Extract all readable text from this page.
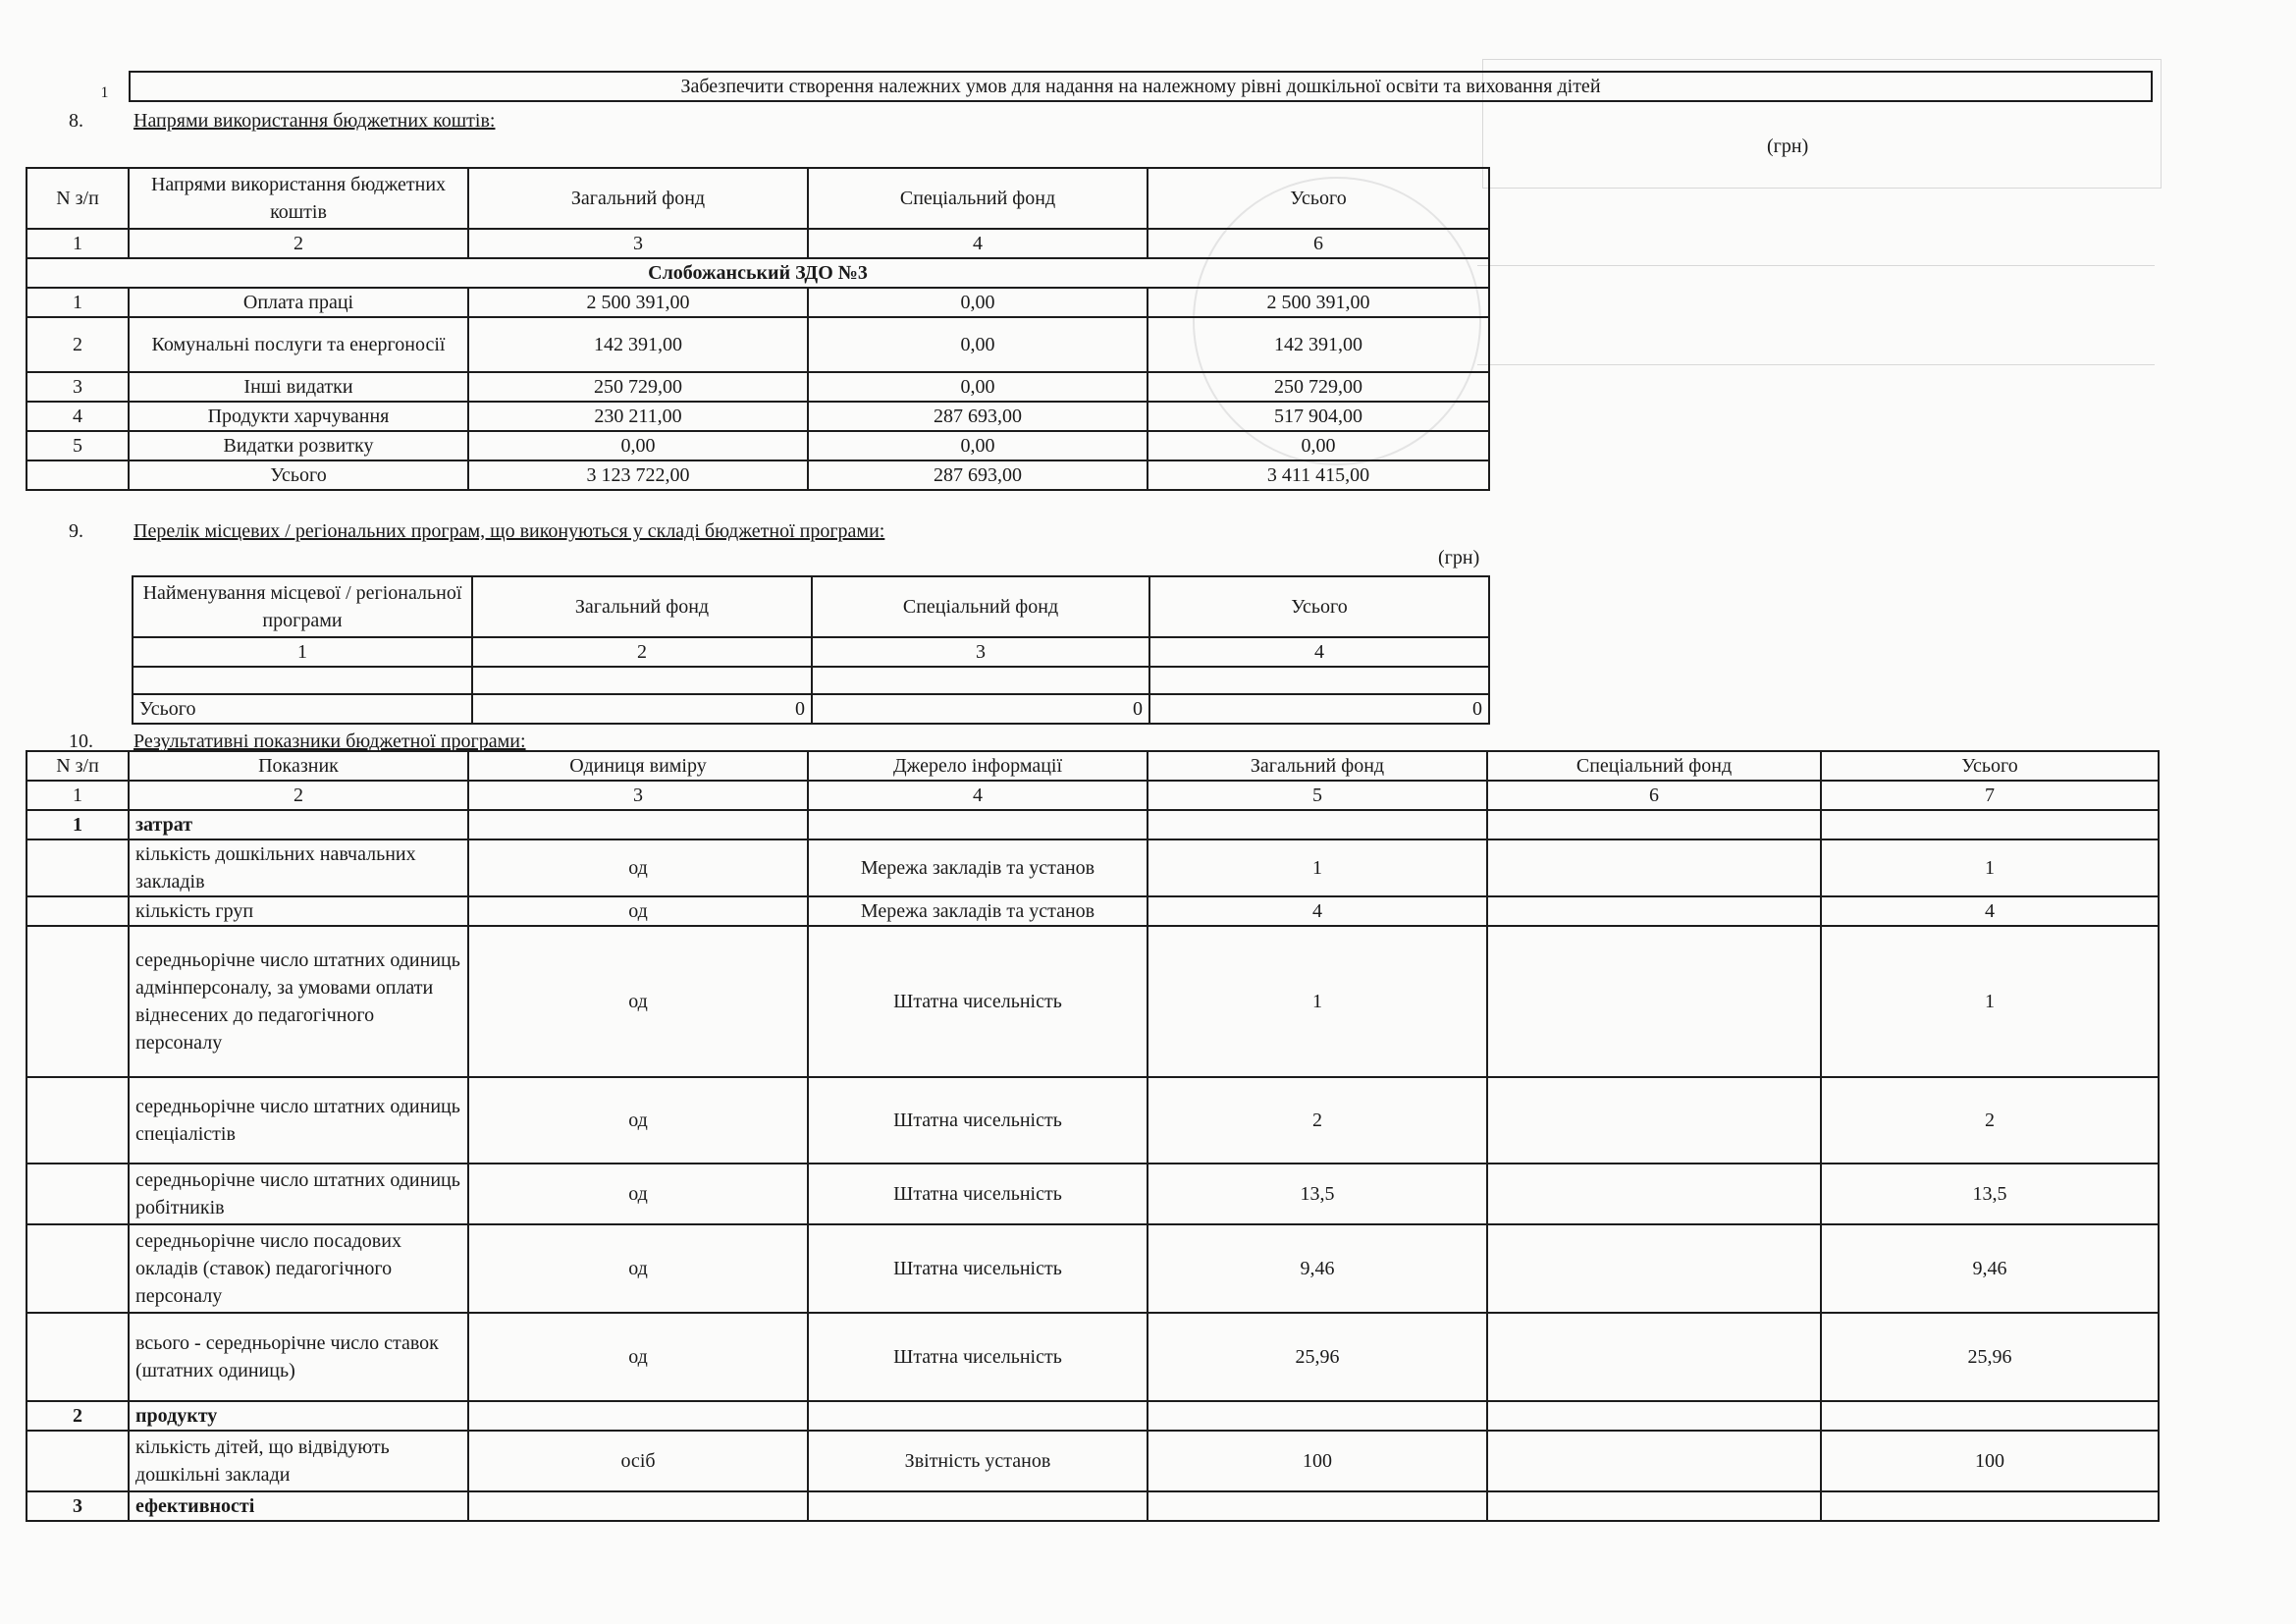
1	Забезпечити створення належних умов для надання на належному рівні дошкільної освіти та виховання дітей
8.	Напрями використання бюджетних коштів:
(грн)
N з/п	Напрями використання бюджетних коштів	Загальний фонд	Спеціальний фонд	Усього
1	2	3	4	6
Слобожанський ЗДО №3				
1	Оплата праці	2 500 391,00	0,00	2 500 391,00
2	Комунальні послуги та енергоносії	142 391,00	0,00	142 391,00
3	Інші видатки	250 729,00	0,00	250 729,00
4	Продукти харчування	230 211,00	287 693,00	517 904,00
5	Видатки розвитку	0,00	0,00	0,00
	Усього	3 123 722,00	287 693,00	3 411 415,00
9.	Перелік місцевих / регіональних програм, що виконуються у складі бюджетної програми:
(грн)
Найменування місцевої / регіональної програми	Загальний фонд	Спеціальний фонд	Усього
1	2	3	4

Усього	0	0	0
10. Результативні показники бюджетної програми:
N з/п	Показник	Одиниця виміру	Джерело інформації	Загальний фонд	Спеціальний фонд	Усього
1	2	3	4	5	6	7
1	затрат					
	кількість дошкільних навчальних закладів	од	Мережа закладів та установ	1		1
	кількість груп	од	Мережа закладів та установ	4		4
	середньорічне число штатних одиниць адмінперсоналу, за умовами оплати віднесених до педагогічного персоналу	од	Штатна чисельність	1		1
	середньорічне число штатних одиниць спеціалістів	од	Штатна чисельність	2		2
	середньорічне число штатних одиниць робітників	од	Штатна чисельність	13,5		13,5
	середньорічне число посадових окладів (ставок) педагогічного персоналу	од	Штатна чисельність	9,46		9,46
	всього - середньорічне число ставок (штатних одиниць)	од	Штатна чисельність	25,96		25,96
2	продукту					
	кількість дітей, що відвідують дошкільні заклади	осіб	Звітність установ	100		100
3	ефективності					
